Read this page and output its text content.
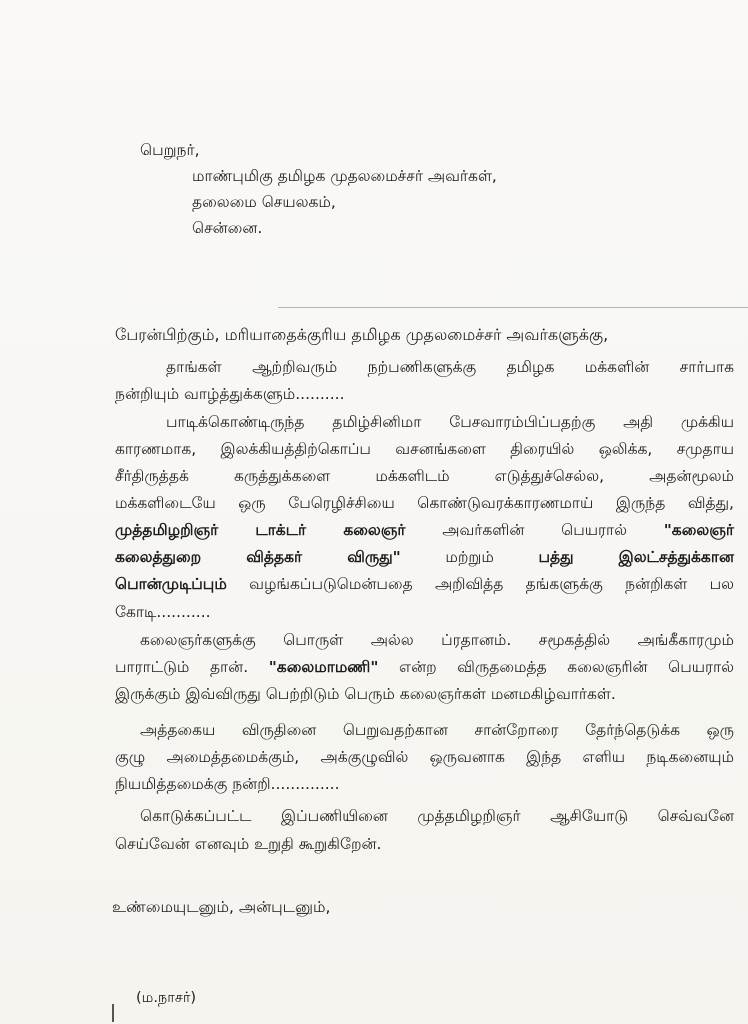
பெறுநர்,
மாண்புமிகு தமிழக முதலமைச்சர் அவர்கள்,
தலைமை செயலகம்,
சென்னை.
பேரன்பிற்கும், மரியாதைக்குரிய தமிழக முதலமைச்சர் அவர்களுக்கு,
தாங்கள் ஆற்றிவரும் நற்பணிகளுக்கு தமிழக மக்களின் சார்பாக
நன்றியும் வாழ்த்துக்களும்..........
பாடிக்கொண்டிருந்த தமிழ்சினிமா பேசவாரம்பிப்பதற்கு அதி முக்கிய
காரணமாக, இலக்கியத்திற்கொப்ப வசனங்களை திரையில் ஒலிக்க, சமுதாய
சீர்திருத்தக் கருத்துக்களை மக்களிடம் எடுத்துச்செல்ல, அதன்மூலம்
மக்களிடையே ஒரு பேரெழிச்சியை கொண்டுவரக்காரணமாய் இருந்த வித்து,
முத்தமிழறிஞர் டாக்டர் கலைஞர் அவர்களின் பெயரால் "கலைஞர்
கலைத்துறை வித்தகர் விருது"	மற்றும்	பத்து இலட்சத்துக்கான
பொன்முடிப்பும் வழங்கப்படுமென்பதை அறிவித்த தங்களுக்கு நன்றிகள் பல
கோடி...........
கலைஞர்களுக்கு பொருள் அல்ல ப்ரதானம். சமூகத்தில் அங்கீகாரமும்
பாராட்டும் தான். "கலைமாமணி" என்ற விருதமைத்த கலைஞரின் பெயரால்
இருக்கும் இவ்விருது பெற்றிடும் பெரும் கலைஞர்கள் மனமகிழ்வார்கள்.
அத்தகைய விருதினை பெறுவதற்கான சான்றோரை தேர்ந்தெடுக்க ஒரு
குழு அமைத்தமைக்கும், அக்குழுவில் ஒருவனாக இந்த எளிய நடிகனையும்
நியமித்தமைக்கு நன்றி..............
கொடுக்கப்பட்ட இப்பணியினை முத்தமிழறிஞர் ஆசியோடு செவ்வனே
செய்வேன் எனவும் உறுதி கூறுகிறேன்.
உண்மையுடனும், அன்புடனும்,
(ம.நாசர்)
